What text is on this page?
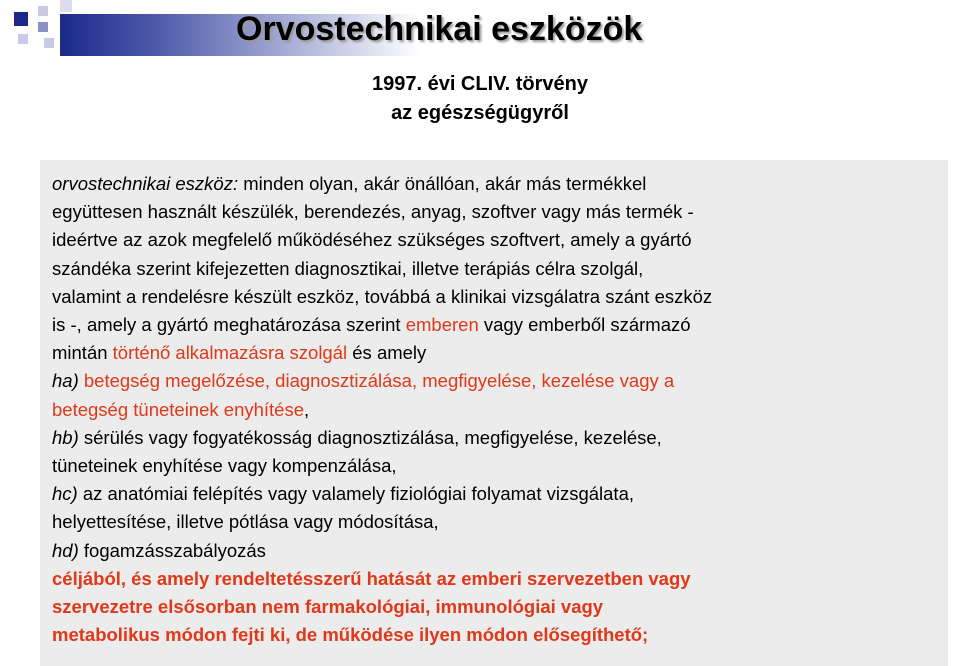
Orvostechnikai eszközök
1997. évi CLIV. törvény
az egészségügyről
orvostechnikai eszköz: minden olyan, akár önállóan, akár más termékkel
együttesen használt készülék, berendezés, anyag, szoftver vagy más termék -
ideértve az azok megfelelő működéséhez szükséges szoftvert, amely a gyártó
szándéka szerint kifejezetten diagnosztikai, illetve terápiás célra szolgál,
valamint a rendelésre készült eszköz, továbbá a klinikai vizsgálatra szánt eszköz
is -, amely a gyártó meghatározása szerint emberen vagy emberből származó
mintán történő alkalmazásra szolgál és amely
ha) betegség megelőzése, diagnosztizálása, megfigyelése, kezelése vagy a
betegség tüneteinek enyhítése,
hb) sérülés vagy fogyatékosság diagnosztizálása, megfigyelése, kezelése,
tüneteinek enyhítése vagy kompenzálása,
hc) az anatómiai felépítés vagy valamely fiziológiai folyamat vizsgálata,
helyettesítése, illetve pótlása vagy módosítása,
hd) fogamzásszabályozás
céljából, és amely rendeltetésszerű hatását az emberi szervezetben vagy
szervezetre elsősorban nem farmakológiai, immunológiai vagy
metabolikus módon fejti ki, de működése ilyen módon elősegíthető;
